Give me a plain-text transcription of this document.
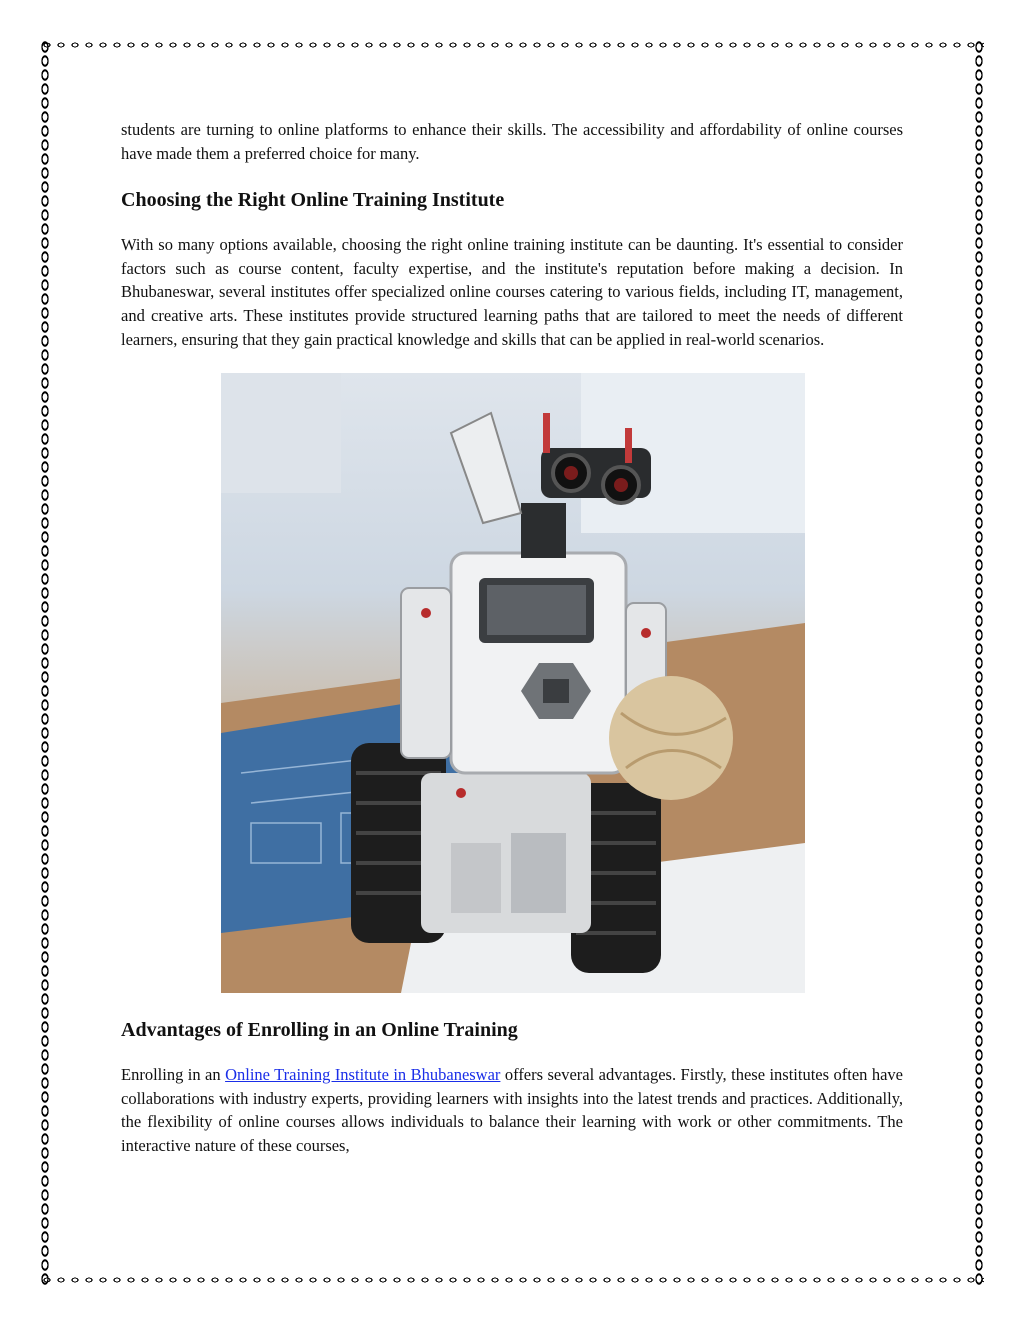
students are turning to online platforms to enhance their skills. The accessibility and affordability of online courses have made them a preferred choice for many.

Choosing the Right Online Training Institute

With so many options available, choosing the right online training institute can be daunting. It's essential to consider factors such as course content, faculty expertise, and the institute's reputation before making a decision. In Bhubaneswar, several institutes offer specialized online courses catering to various fields, including IT, management, and creative arts. These institutes provide structured learning paths that are tailored to meet the needs of different learners, ensuring that they gain practical knowledge and skills that can be applied in real-world scenarios.

Advantages of Enrolling in an Online Training

Enrolling in an Online Training Institute in Bhubaneswar offers several advantages. Firstly, these institutes often have collaborations with industry experts, providing learners with insights into the latest trends and practices. Additionally, the flexibility of online courses allows individuals to balance their learning with work or other commitments. The interactive nature of these courses,
